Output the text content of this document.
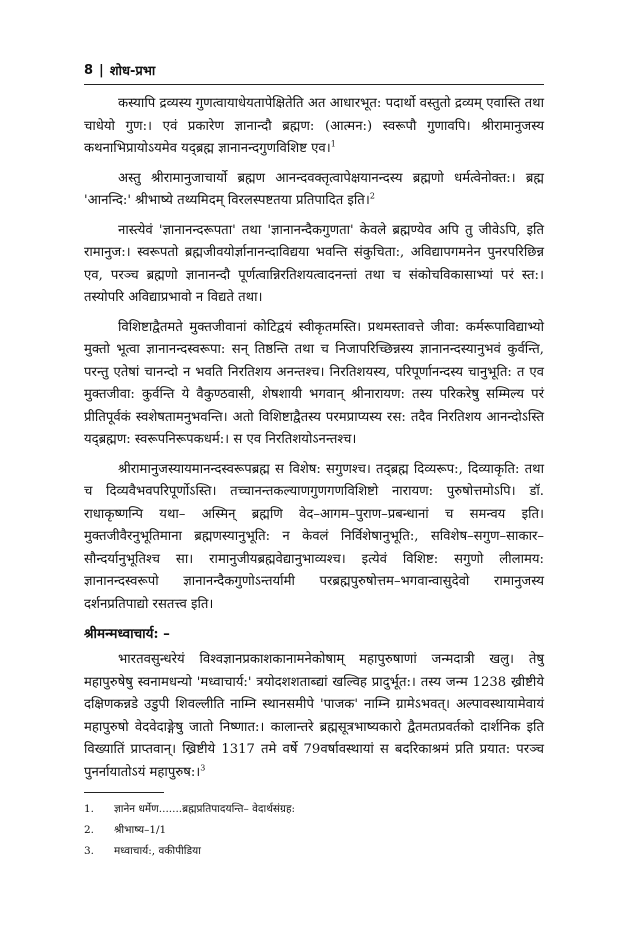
8 | शोध-प्रभा

कस्यापि द्रव्यस्य गुणत्वायाधेयतापेक्षितेति अत आधारभूत: पदार्थो वस्तुतो द्रव्यम् एवास्ति तथा चाधेयो गुण:। एवं प्रकारेण ज्ञानान्दौ ब्रह्मण: (आत्मन:) स्वरूपौ गुणावपि। श्रीरामानुजस्य कथनाभिप्रायोऽयमेव यद्ब्रह्म ज्ञानानन्दगुणविशिष्ट एव।$^1$

अस्तु श्रीरामानुजाचार्यो ब्रह्मण आनन्दवक्तृत्वापेक्षयानन्दस्य ब्रह्मणो धर्मत्वेनोक्त:। ब्रह्म 'आनन्दि:' श्रीभाष्ये तथ्यमिदम् विरलस्पष्टतया प्रतिपादित इति।$^2$

नास्त्येवं 'ज्ञानानन्दरूपता' तथा 'ज्ञानानन्दैकगुणता' केवले ब्रह्मण्येव अपि तु जीवेऽपि, इति रामानुज:। स्वरूपतो ब्रह्मजीवयोर्ज्ञानानन्दाविद्यया भवन्ति संकुचिता:, अविद्यापगमनेन पुनरपरिछिन्न एव, परञ्च ब्रह्मणो ज्ञानानन्दौ पूर्णत्वान्निरतिशयत्वादनन्तां तथा च संकोचविकासाभ्यां परं स्त:। तस्योपरि अविद्याप्रभावो न विद्यते तथा।

विशिष्टाद्वैतमते मुक्तजीवानां कोटिद्वयं स्वीकृतमस्ति। प्रथमस्तावत्ते जीवा: कर्मरूपाविद्याभ्यो मुक्तो भूत्वा ज्ञानानन्दस्वरूपा: सन् तिष्ठन्ति तथा च निजापरिच्छिन्नस्य ज्ञानानन्दस्यानुभवं कुर्वन्ति, परन्तु एतेषां चानन्दो न भवति निरतिशय अनन्तश्च। निरतिशयस्य, परिपूर्णानन्दस्य चानुभूति: त एव मुक्तजीवा: कुर्वन्ति ये वैकुण्ठवासी, शेषशायी भगवान् श्रीनारायण: तस्य परिकरेषु सम्मिल्य परं प्रीतिपूर्वकं स्वशेषतामनुभवन्ति। अतो विशिष्टाद्वैतस्य परमप्राप्यस्य रस: तदैव निरतिशय आनन्दोऽस्ति यद्ब्रह्मण: स्वरूपनिरूपकधर्म:। स एव निरतिशयोऽनन्तश्च।

श्रीरामानुजस्यायमानन्दस्वरूपब्रह्म स विशेष: सगुणश्च। तद्ब्रह्म दिव्यरूप:, दिव्याकृति: तथा च दिव्यवैभवपरिपूर्णोऽस्ति। तच्चानन्तकल्याणगुणगणविशिष्टो नारायण: पुरुषोत्तमोऽपि। डॉ. राधाकृष्णन्पि यथा– अस्मिन् ब्रह्मणि वेद–आगम–पुराण–प्रबन्धानां च समन्वय इति। मुक्तजीवैरनुभूतिमाना ब्रह्मणस्यानुभूति: न केवलं निर्विशेषानुभूति:, सविशेष–सगुण–साकार–सौन्दर्यानुभूतिश्च सा। रामानुजीयब्रह्मवेद्यानुभाव्यश्च। इत्येवं विशिष्ट: सगुणो लीलामय: ज्ञानानन्दस्वरूपो ज्ञानानन्दैकगुणोऽन्तर्यामी परब्रह्मपुरुषोत्तम–भगवान्वासुदेवो रामानुजस्य दर्शनप्रतिपाद्यो रसतत्त्व इति।

श्रीमन्मध्वाचार्य: –

भारतवसुन्धरेयं विश्वज्ञानप्रकाशकानामनेकोषाम् महापुरुषाणां जन्मदात्री खलु। तेषु महापुरुषेषु स्वनामधन्यो 'मध्वाचार्य:' त्रयोदशशताब्द्यां खल्विह प्रादुर्भूत:। तस्य जन्म 1238 ख्रीष्टीये दक्षिणकन्नडे उडुपी शिवल्लीति नाम्नि स्थानसमीपे 'पाजक' नाम्नि ग्रामेऽभवत्। अल्पावस्थायामेवायं महापुरुषो वेदवेदाङ्गेषु जातो निष्णात:। कालान्तरे ब्रह्मसूत्रभाष्यकारो द्वैतमतप्रवर्तको दार्शनिक इति विख्यातिं प्राप्तवान्। ख्रिष्टीये 1317 तमे वर्षे 79वर्षावस्थायां स बदरिकाश्रमं प्रति प्रयात: परञ्च पुनर्नायातोऽयं महापुरुष:।$^3$

1.	ज्ञानेन धर्मेण.......ब्रह्मप्रतिपादयन्ति– वेदार्थसंग्रह:
2.	श्रीभाष्य–1/1
3.	मध्वाचार्य:, वकीपीडिया
